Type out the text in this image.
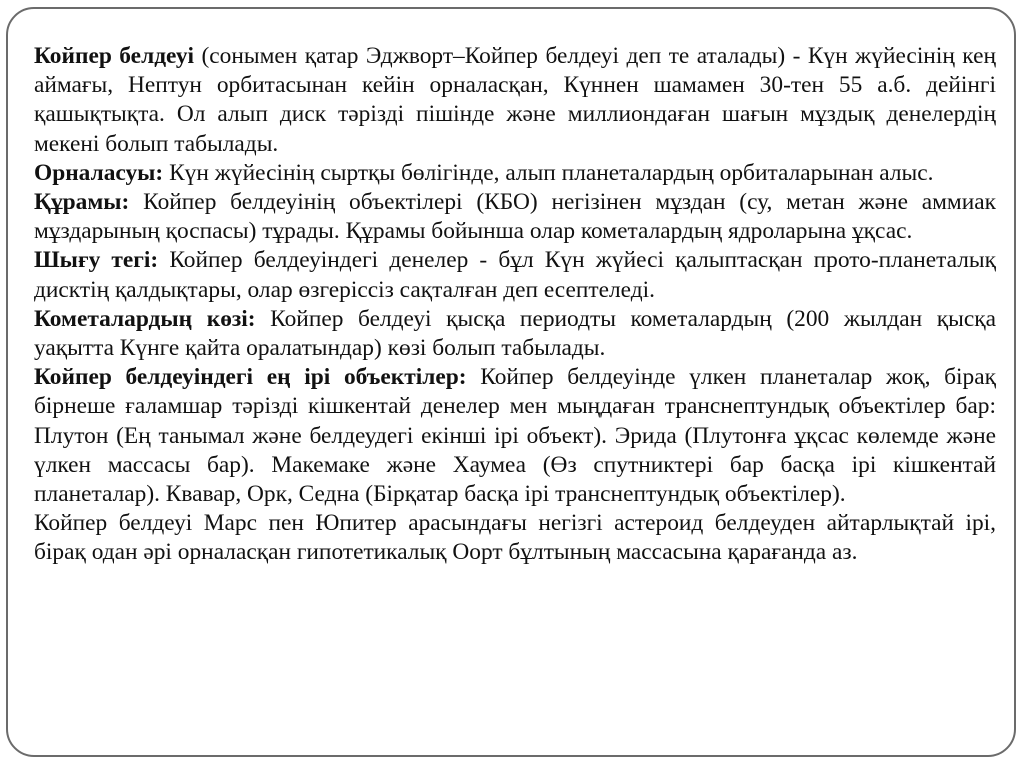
Койпер белдеуі (сонымен қатар Эджворт–Койпер белдеуі деп те аталады) - Күн жүйесінің кең аймағы, Нептун орбитасынан кейін орналасқан, Күннен шамамен 30-тен 55 а.б. дейінгі қашықтықта. Ол алып диск тәрізді пішінде және миллиондаған шағын мұздық денелердің мекені болып табылады.

Орналасуы: Күн жүйесінің сыртқы бөлігінде, алып планеталардың орбиталарынан алыс.

Құрамы: Койпер белдеуінің объектілері (КБО) негізінен мұздан (су, метан және аммиак мұздарының қоспасы) тұрады. Құрамы бойынша олар кометалардың ядроларына ұқсас.

Шығу тегі: Койпер белдеуіндегі денелер - бұл Күн жүйесі қалыптасқан прото-планеталық дисктің қалдықтары, олар өзгеріссіз сақталған деп есептеледі.

Кометалардың көзі: Койпер белдеуі қысқа периодты кометалардың (200 жылдан қысқа уақытта Күнге қайта оралатындар) көзі болып табылады.

Койпер белдеуіндегі ең ірі объектілер: Койпер белдеуінде үлкен планеталар жоқ, бірақ бірнеше ғаламшар тәрізді кішкентай денелер мен мыңдаған транснептундық объектілер бар: Плутон (Ең танымал және белдеудегі екінші ірі объект). Эрида (Плутонға ұқсас көлемде және үлкен массасы бар). Макемаке және Хаумеа (Өз спутниктері бар басқа ірі кішкентай планеталар). Квавар, Орк, Седна (Бірқатар басқа ірі транснептундық объектілер).

Койпер белдеуі Марс пен Юпитер арасындағы негізгі астероид белдеуден айтарлықтай ірі, бірақ одан әрі орналасқан гипотетикалық Оорт бұлтының массасына қарағанда аз.
